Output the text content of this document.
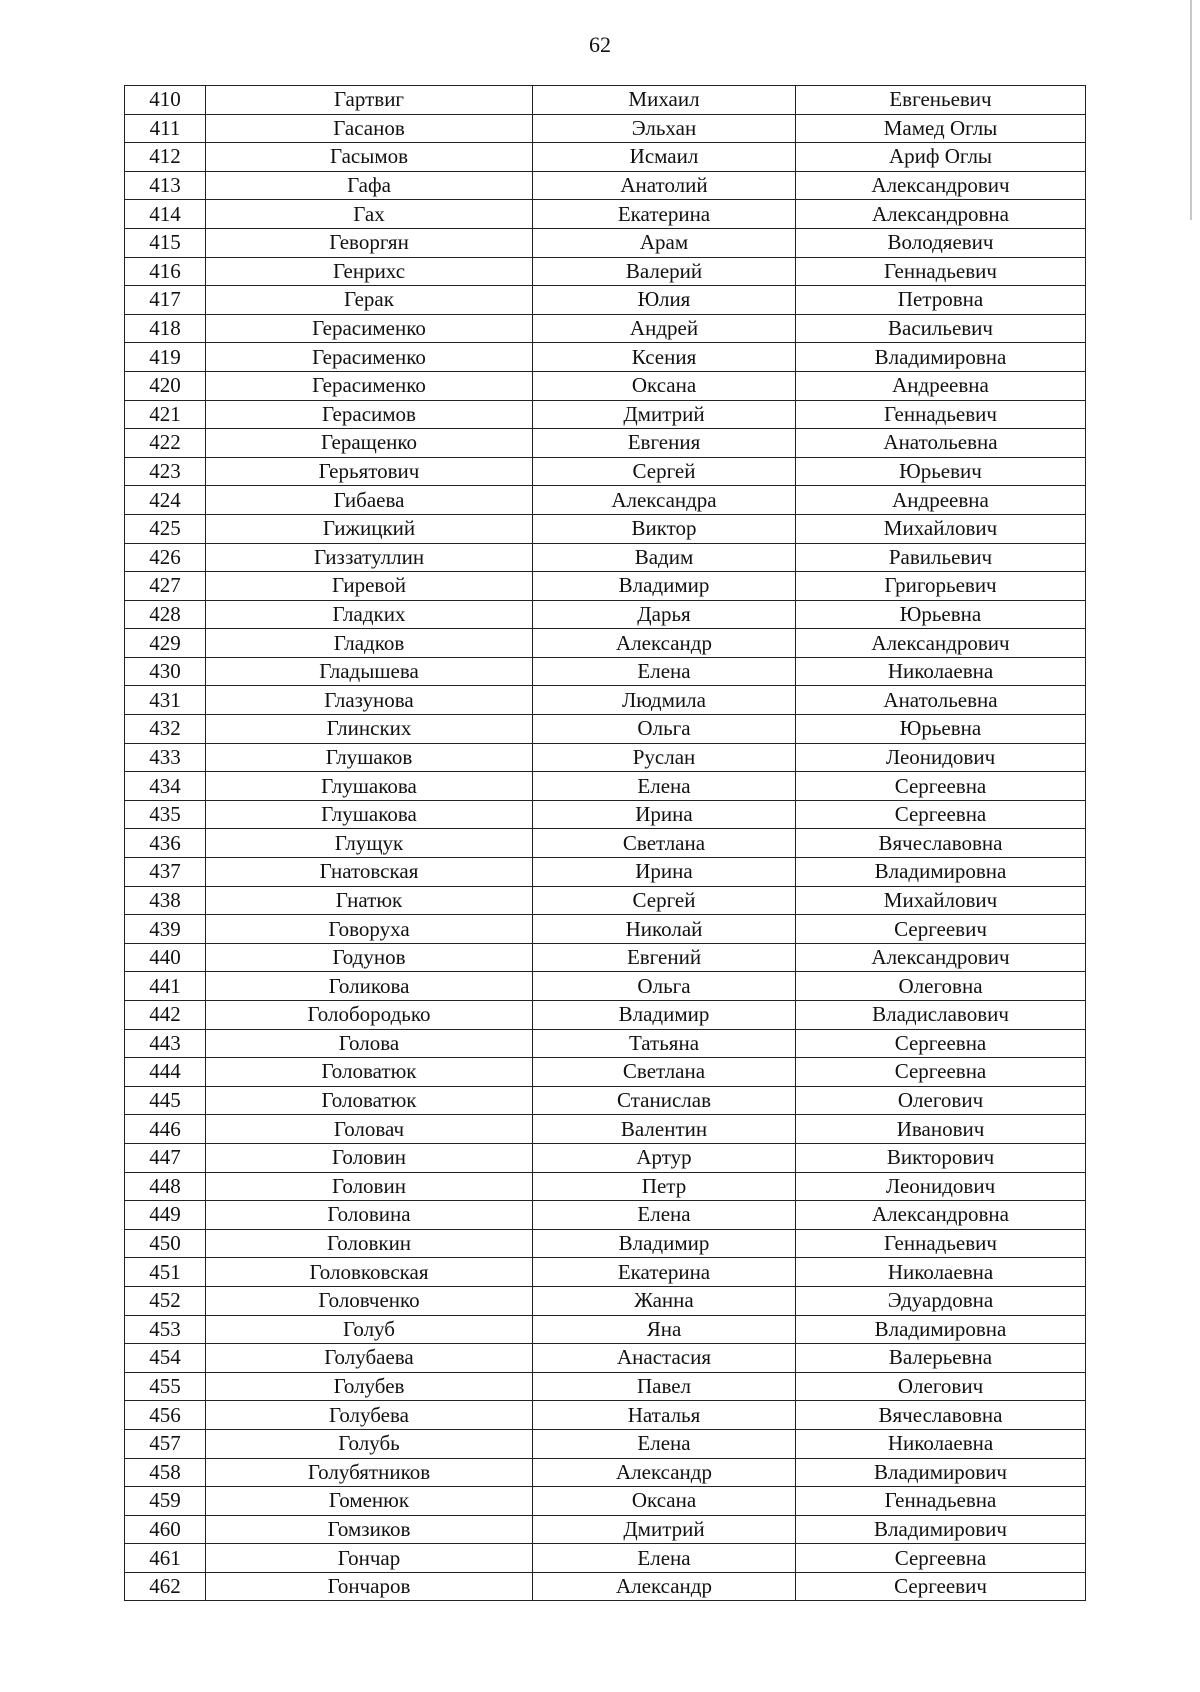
62
410	Гартвиг	Михаил	Евгеньевич
411	Гасанов	Эльхан	Мамед Оглы
412	Гасымов	Исмаил	Ариф Оглы
413	Гафа	Анатолий	Александрович
414	Гах	Екатерина	Александровна
415	Геворгян	Арам	Володяевич
416	Генрихс	Валерий	Геннадьевич
417	Герак	Юлия	Петровна
418	Герасименко	Андрей	Васильевич
419	Герасименко	Ксения	Владимировна
420	Герасименко	Оксана	Андреевна
421	Герасимов	Дмитрий	Геннадьевич
422	Геращенко	Евгения	Анатольевна
423	Герьятович	Сергей	Юрьевич
424	Гибаева	Александра	Андреевна
425	Гижицкий	Виктор	Михайлович
426	Гиззатуллин	Вадим	Равильевич
427	Гиревой	Владимир	Григорьевич
428	Гладких	Дарья	Юрьевна
429	Гладков	Александр	Александрович
430	Гладышева	Елена	Николаевна
431	Глазунова	Людмила	Анатольевна
432	Глинских	Ольга	Юрьевна
433	Глушаков	Руслан	Леонидович
434	Глушакова	Елена	Сергеевна
435	Глушакова	Ирина	Сергеевна
436	Глущук	Светлана	Вячеславовна
437	Гнатовская	Ирина	Владимировна
438	Гнатюк	Сергей	Михайлович
439	Говоруха	Николай	Сергеевич
440	Годунов	Евгений	Александрович
441	Голикова	Ольга	Олеговна
442	Голобородько	Владимир	Владиславович
443	Голова	Татьяна	Сергеевна
444	Головатюк	Светлана	Сергеевна
445	Головатюк	Станислав	Олегович
446	Головач	Валентин	Иванович
447	Головин	Артур	Викторович
448	Головин	Петр	Леонидович
449	Головина	Елена	Александровна
450	Головкин	Владимир	Геннадьевич
451	Головковская	Екатерина	Николаевна
452	Головченко	Жанна	Эдуардовна
453	Голуб	Яна	Владимировна
454	Голубаева	Анастасия	Валерьевна
455	Голубев	Павел	Олегович
456	Голубева	Наталья	Вячеславовна
457	Голубь	Елена	Николаевна
458	Голубятников	Александр	Владимирович
459	Гоменюк	Оксана	Геннадьевна
460	Гомзиков	Дмитрий	Владимирович
461	Гончар	Елена	Сергеевна
462	Гончаров	Александр	Сергеевич
